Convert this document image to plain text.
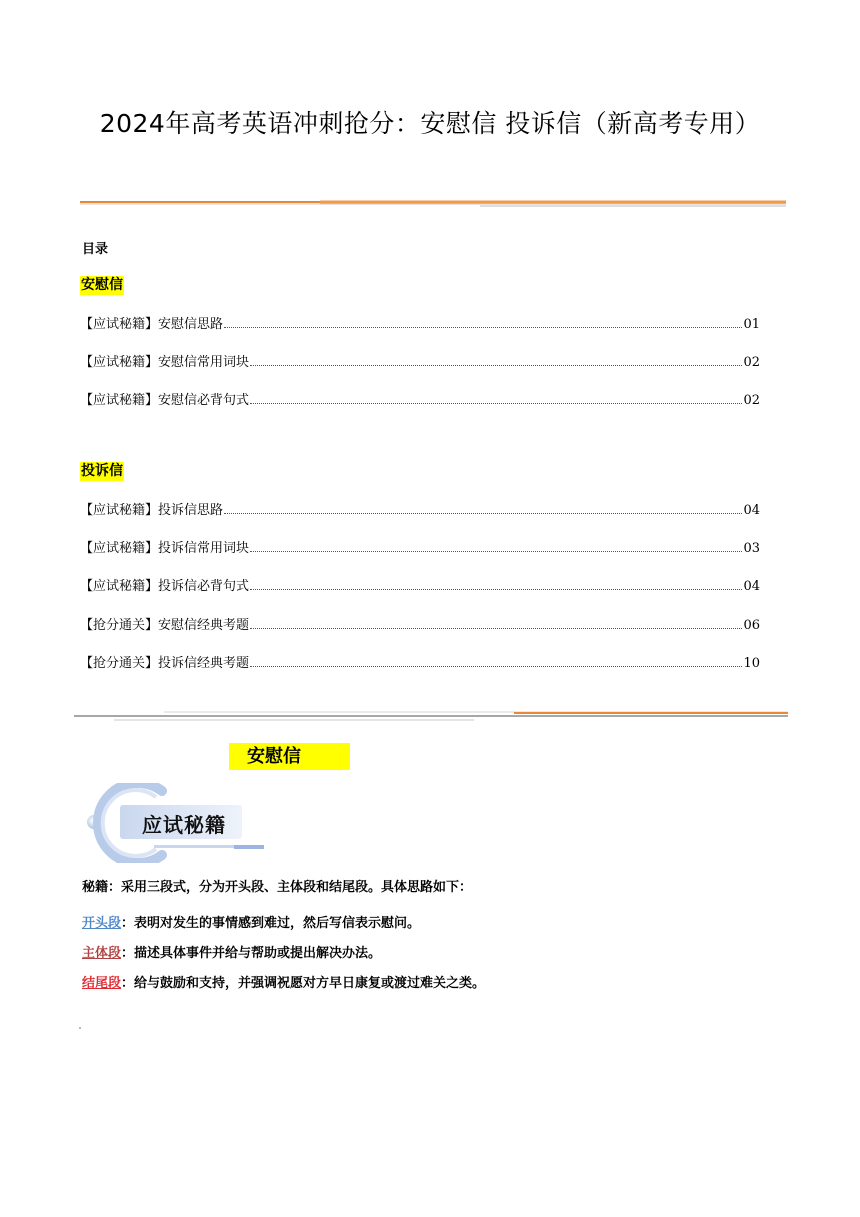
2024年高考英语冲刺抢分：安慰信 投诉信（新高考专用）
目录
安慰信
【应试秘籍】安慰信思路	01
【应试秘籍】安慰信常用词块	02
【应试秘籍】安慰信必背句式	02
投诉信
【应试秘籍】投诉信思路	04
【应试秘籍】投诉信常用词块	03
【应试秘籍】投诉信必背句式	04
【抢分通关】安慰信经典考题	06
【抢分通关】投诉信经典考题	10
安慰信
应试秘籍
秘籍：采用三段式，分为开头段、主体段和结尾段。具体思路如下：
开头段：表明对发生的事情感到难过，然后写信表示慰问。
主体段：描述具体事件并给与帮助或提出解决办法。
结尾段：给与鼓励和支持，并强调祝愿对方早日康复或渡过难关之类。
